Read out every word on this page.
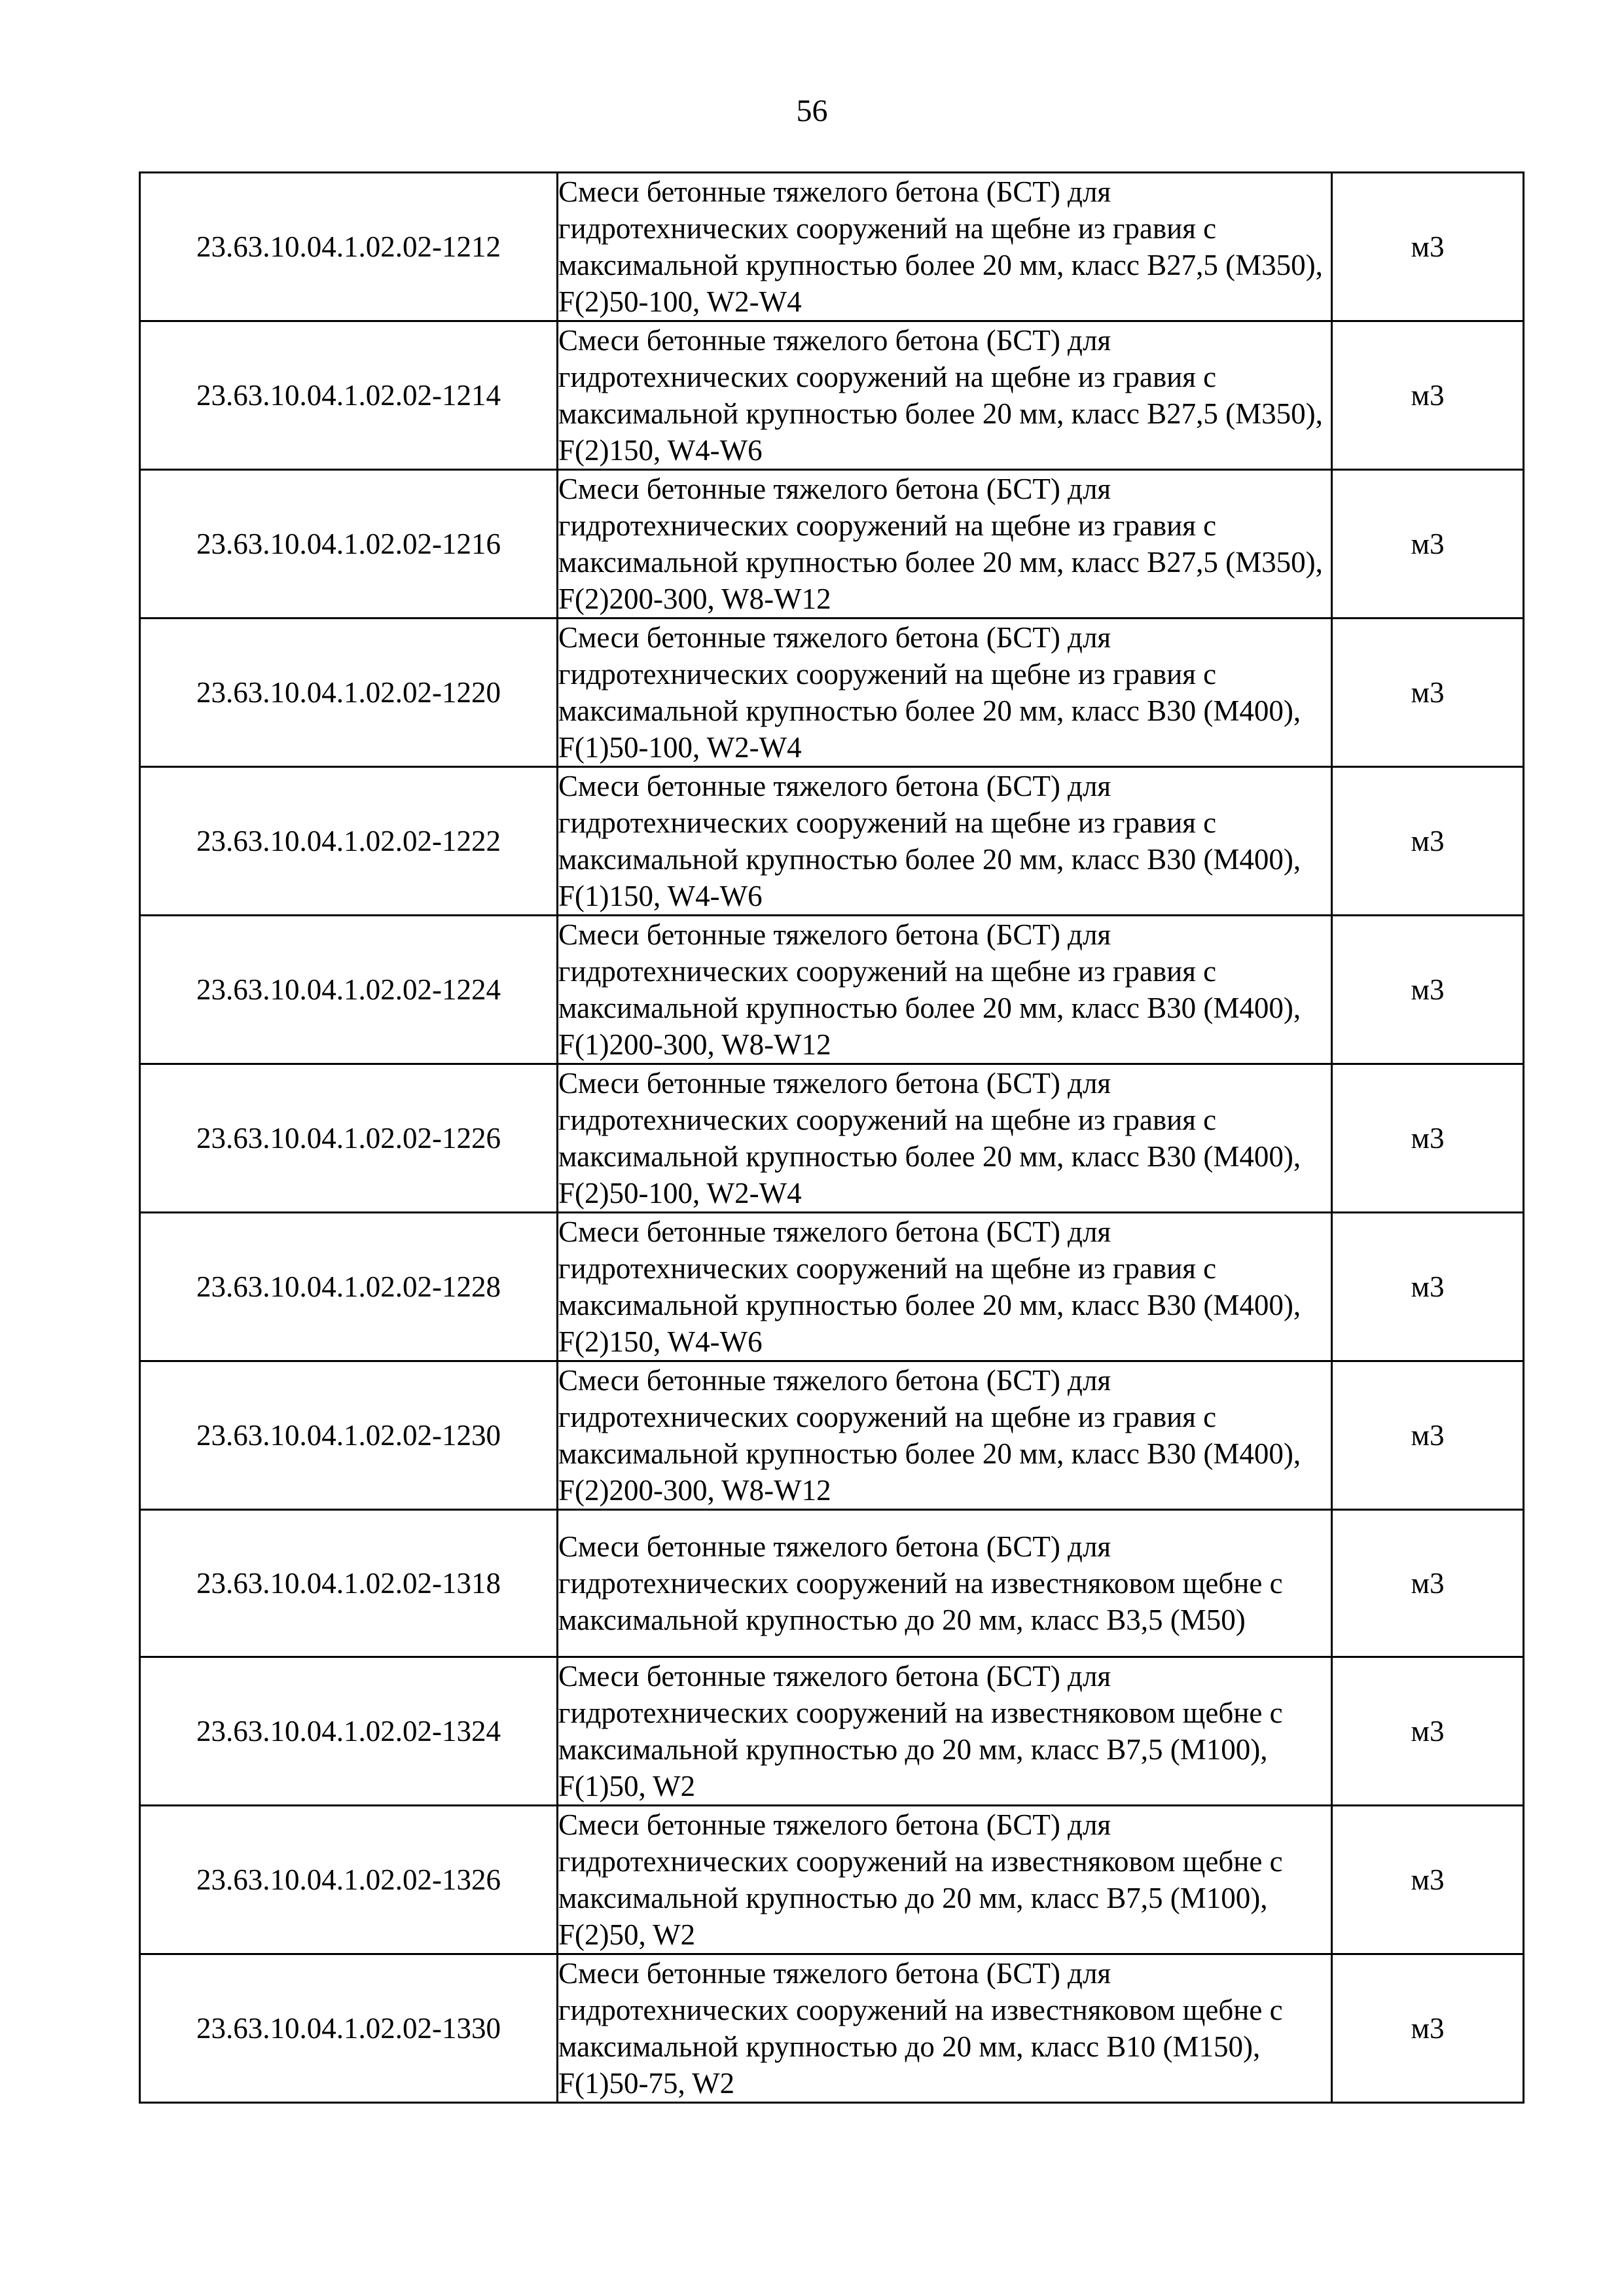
56
23.63.10.04.1.02.02-1212	Смеси бетонные тяжелого бетона (БСТ) для гидротехнических сооружений на щебне из гравия с максимальной крупностью более 20 мм, класс В27,5 (М350), F(2)50-100, W2-W4	м3
23.63.10.04.1.02.02-1214	Смеси бетонные тяжелого бетона (БСТ) для гидротехнических сооружений на щебне из гравия с максимальной крупностью более 20 мм, класс В27,5 (М350), F(2)150, W4-W6	м3
23.63.10.04.1.02.02-1216	Смеси бетонные тяжелого бетона (БСТ) для гидротехнических сооружений на щебне из гравия с максимальной крупностью более 20 мм, класс В27,5 (М350), F(2)200-300, W8-W12	м3
23.63.10.04.1.02.02-1220	Смеси бетонные тяжелого бетона (БСТ) для гидротехнических сооружений на щебне из гравия с максимальной крупностью более 20 мм, класс В30 (М400), F(1)50-100, W2-W4	м3
23.63.10.04.1.02.02-1222	Смеси бетонные тяжелого бетона (БСТ) для гидротехнических сооружений на щебне из гравия с максимальной крупностью более 20 мм, класс В30 (М400), F(1)150, W4-W6	м3
23.63.10.04.1.02.02-1224	Смеси бетонные тяжелого бетона (БСТ) для гидротехнических сооружений на щебне из гравия с максимальной крупностью более 20 мм, класс В30 (М400), F(1)200-300, W8-W12	м3
23.63.10.04.1.02.02-1226	Смеси бетонные тяжелого бетона (БСТ) для гидротехнических сооружений на щебне из гравия с максимальной крупностью более 20 мм, класс В30 (М400), F(2)50-100, W2-W4	м3
23.63.10.04.1.02.02-1228	Смеси бетонные тяжелого бетона (БСТ) для гидротехнических сооружений на щебне из гравия с максимальной крупностью более 20 мм, класс В30 (М400), F(2)150, W4-W6	м3
23.63.10.04.1.02.02-1230	Смеси бетонные тяжелого бетона (БСТ) для гидротехнических сооружений на щебне из гравия с максимальной крупностью более 20 мм, класс В30 (М400), F(2)200-300, W8-W12	м3
23.63.10.04.1.02.02-1318	Смеси бетонные тяжелого бетона (БСТ) для гидротехнических сооружений на известняковом щебне с максимальной крупностью до 20 мм, класс В3,5 (М50)	м3
23.63.10.04.1.02.02-1324	Смеси бетонные тяжелого бетона (БСТ) для гидротехнических сооружений на известняковом щебне с максимальной крупностью до 20 мм, класс В7,5 (М100), F(1)50, W2	м3
23.63.10.04.1.02.02-1326	Смеси бетонные тяжелого бетона (БСТ) для гидротехнических сооружений на известняковом щебне с максимальной крупностью до 20 мм, класс В7,5 (М100), F(2)50, W2	м3
23.63.10.04.1.02.02-1330	Смеси бетонные тяжелого бетона (БСТ) для гидротехнических сооружений на известняковом щебне с максимальной крупностью до 20 мм, класс В10 (М150), F(1)50-75, W2	м3
